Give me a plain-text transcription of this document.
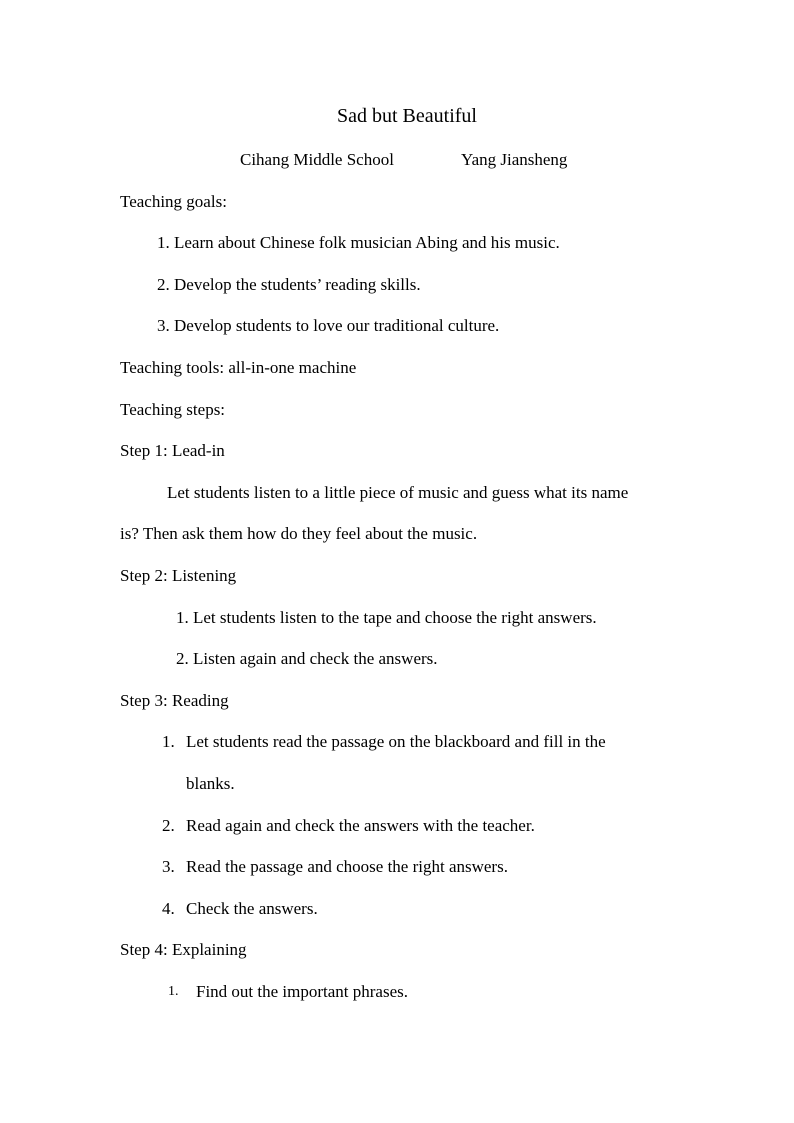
Sad but Beautiful
Cihang Middle School	Yang Jiansheng
Teaching goals:
1. Learn about Chinese folk musician Abing and his music.
2. Develop the students’ reading skills.
3. Develop students to love our traditional culture.
Teaching tools: all-in-one machine
Teaching steps:
Step 1: Lead-in
Let students listen to a little piece of music and guess what its name
is? Then ask them how do they feel about the music.
Step 2: Listening
1. Let students listen to the tape and choose the right answers.
2. Listen again and check the answers.
Step 3: Reading
1. Let students read the passage on the blackboard and fill in the
blanks.
2. Read again and check the answers with the teacher.
3. Read the passage and choose the right answers.
4. Check the answers.
Step 4: Explaining
1. Find out the important phrases.
